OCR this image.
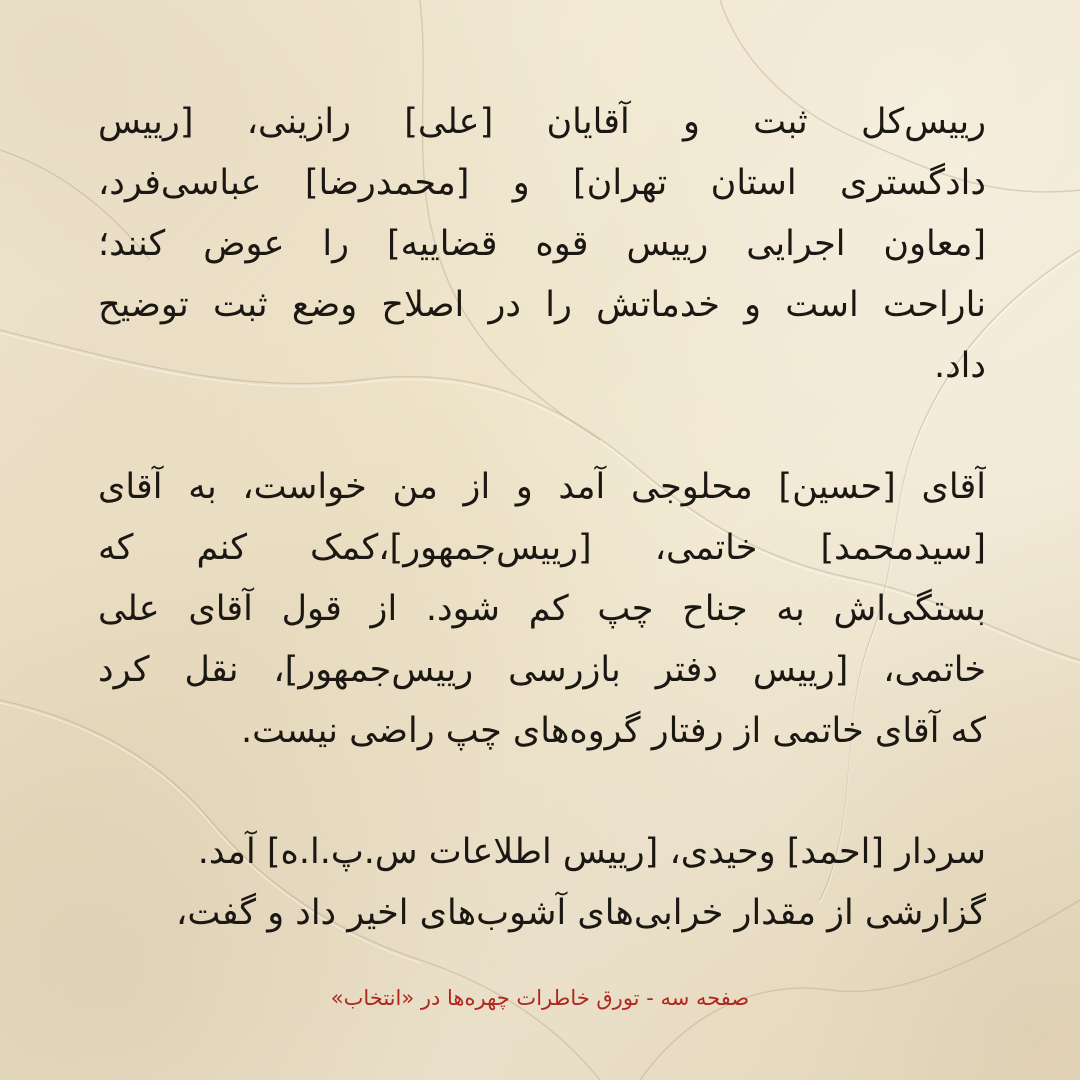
رییس‌کل ثبت و آقایان [علی] رازینی، [رییس
دادگستری استان تهران] و [محمدرضا] عباسی‌فرد،
[معاون اجرایی رییس قوه قضاییه] را عوض کنند؛
ناراحت است و خدماتش را در اصلاح وضع ثبت توضیح
داد.
آقای [حسین] محلوجی آمد و از من خواست، به آقای
[سیدمحمد] خاتمی، [رییس‌جمهور]،کمک کنم که
بستگی‌اش به جناح چپ کم شود. از قول آقای علی
خاتمی، [رییس دفتر بازرسی رییس‌جمهور]، نقل کرد
که آقای خاتمی از رفتار گروه‌های چپ راضی نیست.
سردار [احمد] وحیدی، [رییس اطلاعات س.پ.ا.ه] آمد.
گزارشی از مقدار خرابی‌های آشوب‌های اخیر داد و گفت،
صفحه سه - تورق خاطرات چهره‌ها در «انتخاب»
